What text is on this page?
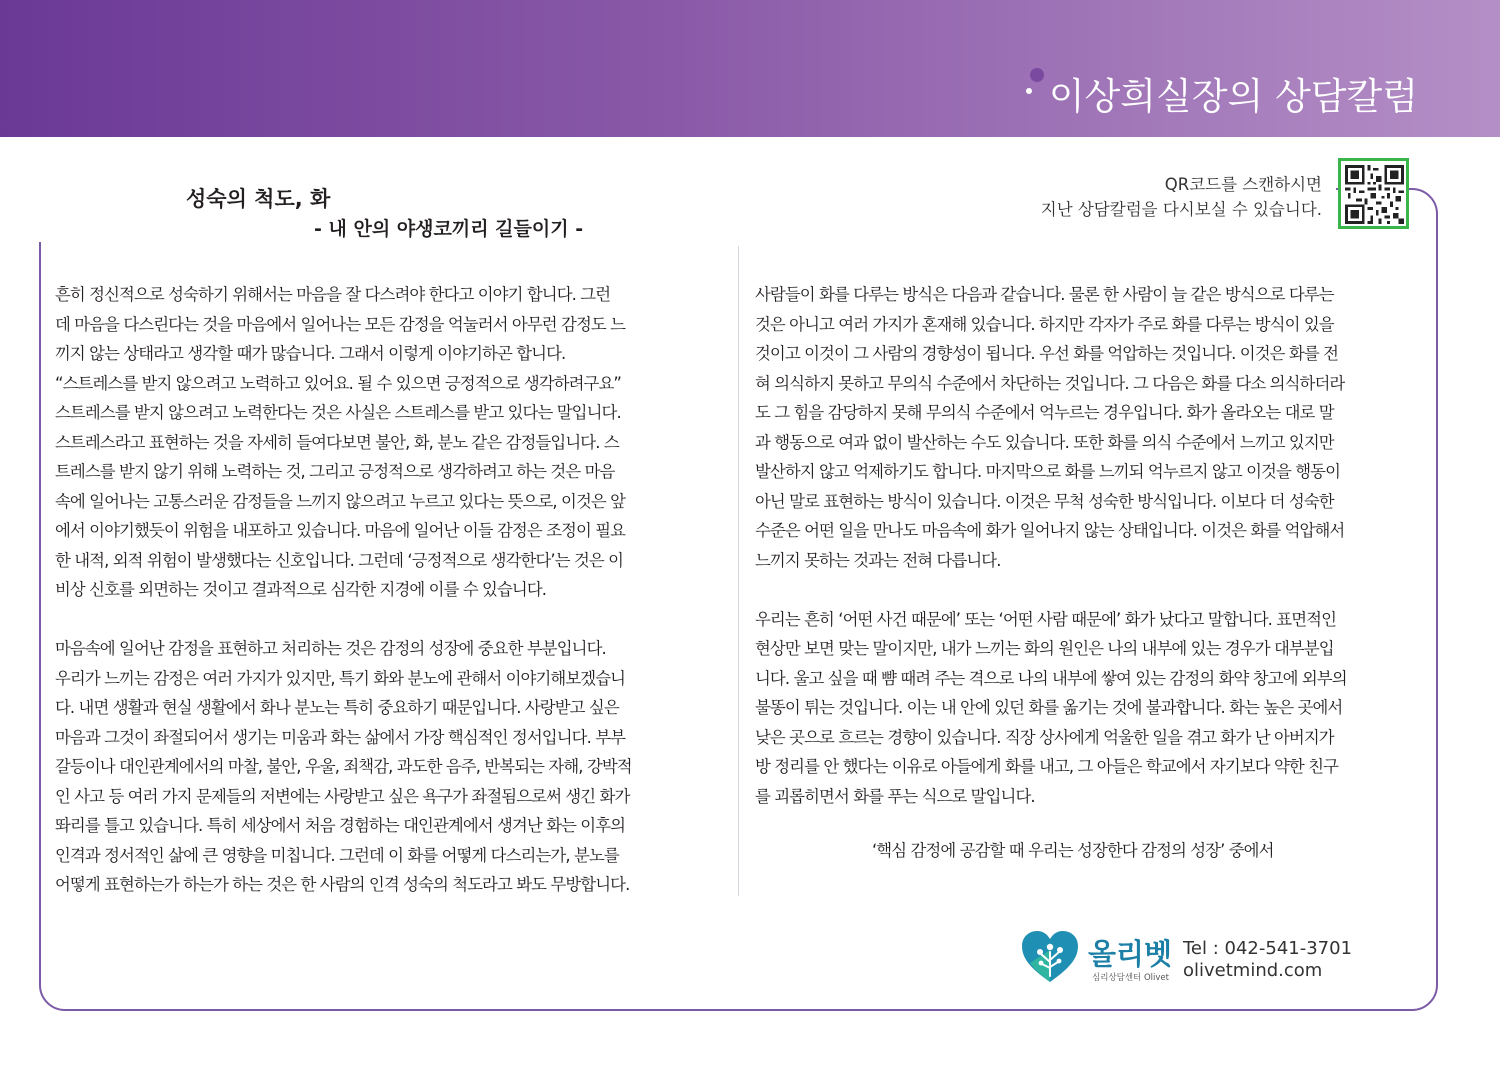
이상희실장의 상담칼럼
성숙의 척도, 화
- 내 안의 야생코끼리 길들이기 -
QR코드를 스캔하시면
지난 상담칼럼을 다시보실 수 있습니다.

흔히 정신적으로 성숙하기 위해서는 마음을 잘 다스려야 한다고 이야기 합니다. 그런

데 마음을 다스린다는 것을 마음에서 일어나는 모든 감정을 억눌러서 아무런 감정도 느

끼지 않는 상태라고 생각할 때가 많습니다. 그래서 이렇게 이야기하곤 합니다.

“스트레스를 받지 않으려고 노력하고 있어요. 될 수 있으면 긍정적으로 생각하려구요”

스트레스를 받지 않으려고 노력한다는 것은 사실은 스트레스를 받고 있다는 말입니다.

스트레스라고 표현하는 것을 자세히 들여다보면 불안, 화, 분노 같은 감정들입니다. 스

트레스를 받지 않기 위해 노력하는 것, 그리고 긍정적으로 생각하려고 하는 것은 마음

속에 일어나는 고통스러운 감정들을 느끼지 않으려고 누르고 있다는 뜻으로, 이것은 앞

에서 이야기했듯이 위험을 내포하고 있습니다. 마음에 일어난 이들 감정은 조정이 필요

한 내적, 외적 위험이 발생했다는 신호입니다. 그런데 ‘긍정적으로 생각한다’는 것은 이

비상 신호를 외면하는 것이고 결과적으로 심각한 지경에 이를 수 있습니다.

마음속에 일어난 감정을 표현하고 처리하는 것은 감정의 성장에 중요한 부분입니다.

우리가 느끼는 감정은 여러 가지가 있지만, 특기 화와 분노에 관해서 이야기해보겠습니

다. 내면 생활과 현실 생활에서 화나 분노는 특히 중요하기 때문입니다. 사랑받고 싶은

마음과 그것이 좌절되어서 생기는 미움과 화는 삶에서 가장 핵심적인 정서입니다. 부부

갈등이나 대인관계에서의 마찰, 불안, 우울, 죄책감, 과도한 음주, 반복되는 자해, 강박적

인 사고 등 여러 가지 문제들의 저변에는 사랑받고 싶은 욕구가 좌절됨으로써 생긴 화가

똬리를 틀고 있습니다. 특히 세상에서 처음 경험하는 대인관계에서 생겨난 화는 이후의

인격과 정서적인 삶에 큰 영향을 미칩니다. 그런데 이 화를 어떻게 다스리는가, 분노를

어떻게 표현하는가 하는가 하는 것은 한 사람의 인격 성숙의 척도라고 봐도 무방합니다.

사람들이 화를 다루는 방식은 다음과 같습니다. 물론 한 사람이 늘 같은 방식으로 다루는

것은 아니고 여러 가지가 혼재해 있습니다. 하지만 각자가 주로 화를 다루는 방식이 있을

것이고 이것이 그 사람의 경향성이 됩니다. 우선 화를 억압하는 것입니다. 이것은 화를 전

혀 의식하지 못하고 무의식 수준에서 차단하는 것입니다. 그 다음은 화를 다소 의식하더라

도 그 힘을 감당하지 못해 무의식 수준에서 억누르는 경우입니다. 화가 올라오는 대로 말

과 행동으로 여과 없이 발산하는 수도 있습니다. 또한 화를 의식 수준에서 느끼고 있지만

발산하지 않고 억제하기도 합니다. 마지막으로 화를 느끼되 억누르지 않고 이것을 행동이

아닌 말로 표현하는 방식이 있습니다. 이것은 무척 성숙한 방식입니다. 이보다 더 성숙한

수준은 어떤 일을 만나도 마음속에 화가 일어나지 않는 상태입니다. 이것은 화를 억압해서

느끼지 못하는 것과는 전혀 다릅니다.

우리는 흔히 ‘어떤 사건 때문에’ 또는 ‘어떤 사람 때문에’ 화가 났다고 말합니다. 표면적인

현상만 보면 맞는 말이지만, 내가 느끼는 화의 원인은 나의 내부에 있는 경우가 대부분입

니다. 울고 싶을 때 뺨 때려 주는 격으로 나의 내부에 쌓여 있는 감정의 화약 창고에 외부의

불똥이 튀는 것입니다. 이는 내 안에 있던 화를 옮기는 것에 불과합니다. 화는 높은 곳에서

낮은 곳으로 흐르는 경향이 있습니다. 직장 상사에게 억울한 일을 겪고 화가 난 아버지가

방 정리를 안 했다는 이유로 아들에게 화를 내고, 그 아들은 학교에서 자기보다 약한 친구

를 괴롭히면서 화를 푸는 식으로 말입니다.

‘핵심 감정에 공감할 때 우리는 성장한다 감정의 성장’ 중에서
올리벳
심리상담센터 Olivet
Tel : 042-541-3701
olivetmind.com
